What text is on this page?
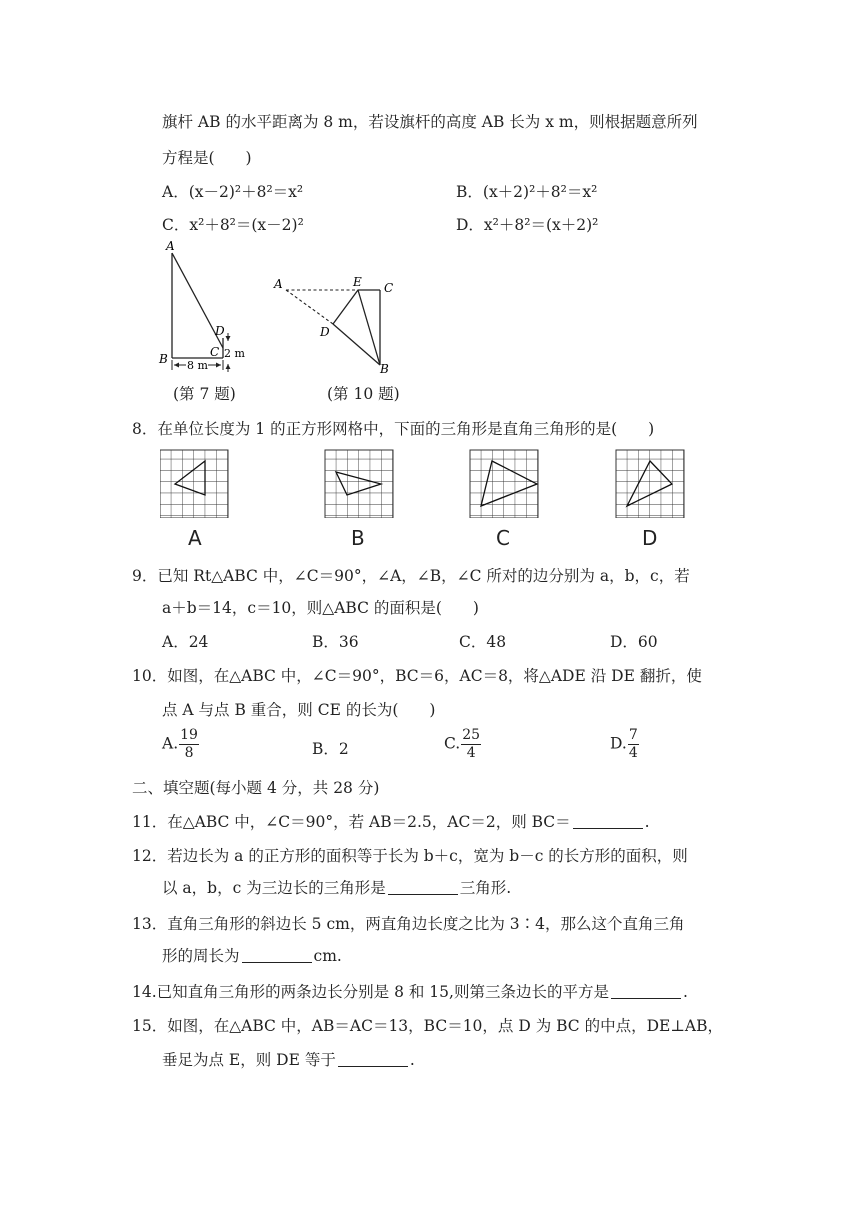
旗杆 AB 的水平距离为 8 m，若设旗杆的高度 AB 长为 x m，则根据题意所列
方程是(　　)
A．(x－2)²＋8²＝x²	B．(x＋2)²＋8²＝x²
C．x²＋8²＝(x－2)²	D．x²＋8²＝(x＋2)²
A
B	C
D
8 m
2 m
(第 7 题)
A	E C
D
B
(第 10 题)
8．在单位长度为 1 的正方形网格中，下面的三角形是直角三角形的是(　　)
A	B	C	D
9．已知 Rt△ABC 中，∠C＝90°，∠A，∠B，∠C 所对的边分别为 a，b，c，若
a＋b＝14，c＝10，则△ABC 的面积是(　　)
A．24	B．36	C．48	D．60
10．如图，在△ABC 中，∠C＝90°，BC＝6，AC＝8，将△ADE 沿 DE 翻折，使
点 A 与点 B 重合，则 CE 的长为(　　)
A. $\frac{19}{8}$	B．2	C. $\frac{25}{4}$	D. $\frac{7}{4}$
二、填空题(每小题 4 分，共 28 分)
11．在△ABC 中，∠C＝90°，若 AB＝2.5，AC＝2，则 BC＝	.
12．若边长为 a 的正方形的面积等于长为 b＋c，宽为 b－c 的长方形的面积，则
以 a，b，c 为三边长的三角形是	三角形.
13．直角三角形的斜边长 5 cm，两直角边长度之比为 3∶4，那么这个直角三角
形的周长为	cm.
14.已知直角三角形的两条边长分别是 8 和 15,则第三条边长的平方是	.
15．如图，在△ABC 中，AB＝AC＝13，BC＝10，点 D 为 BC 的中点，DE⊥AB，
垂足为点 E，则 DE 等于	.
